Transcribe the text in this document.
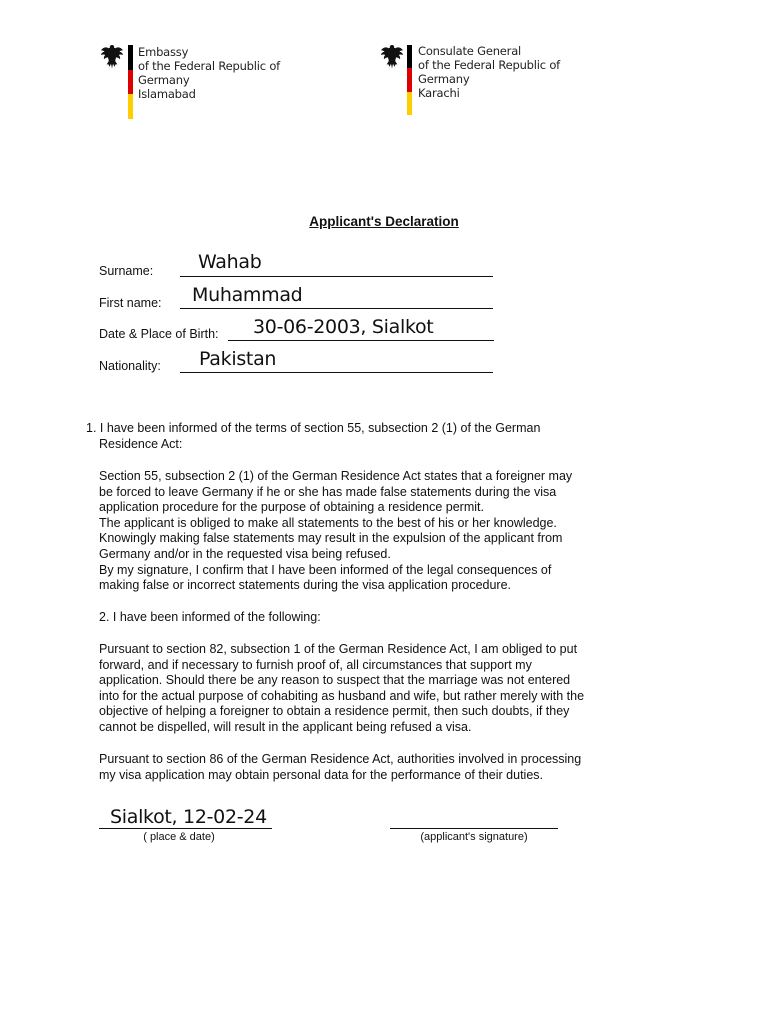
Embassy
of the Federal Republic of Germany
Islamabad
Consulate General
of the Federal Republic of Germany
Karachi
Applicant's Declaration
Surname: Wahab
First name: Muhammad
Date & Place of Birth: 30-06-2003, Sialkot
Nationality: Pakistan
1. I have been informed of the terms of section 55, subsection 2 (1) of the German
Residence Act:

Section 55, subsection 2 (1) of the German Residence Act states that a foreigner may

be forced to leave Germany if he or she has made false statements during the visa

application procedure for the purpose of obtaining a residence permit.

The applicant is obliged to make all statements to the best of his or her knowledge.

Knowingly making false statements may result in the expulsion of the applicant from

Germany and/or in the requested visa being refused.

By my signature, I confirm that I have been informed of the legal consequences of

making false or incorrect statements during the visa application procedure.

2. I have been informed of the following:

Pursuant to section 82, subsection 1 of the German Residence Act, I am obliged to put

forward, and if necessary to furnish proof of, all circumstances that support my

application. Should there be any reason to suspect that the marriage was not entered

into for the actual purpose of cohabiting as husband and wife, but rather merely with the

objective of helping a foreigner to obtain a residence permit, then such doubts, if they

cannot be dispelled, will result in the applicant being refused a visa.

Pursuant to section 86 of the German Residence Act, authorities involved in processing

my visa application may obtain personal data for the performance of their duties.

Sialkot, 12-02-24
( place & date)	(applicant's signature)
